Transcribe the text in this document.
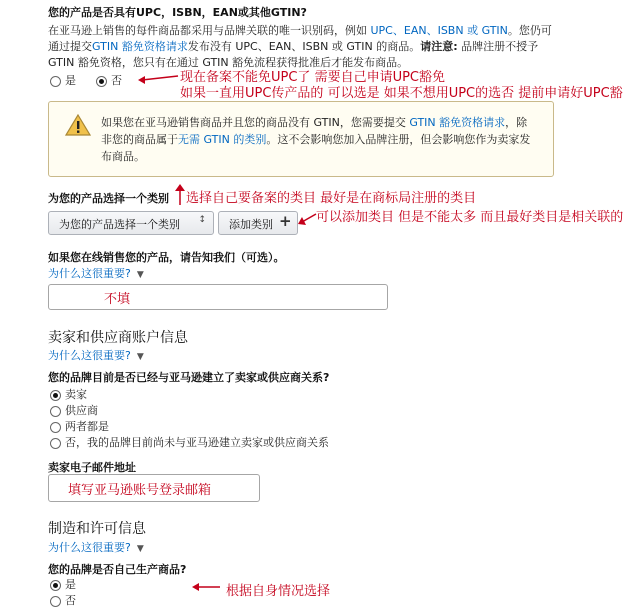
您的产品是否具有UPC，ISBN，EAN或其他GTIN?
在亚马逊上销售的每件商品都采用与品牌关联的唯一识别码，例如 UPC、EAN、ISBN 或 GTIN。您仍可
通过提交GTIN 豁免资格请求发布没有 UPC、EAN、ISBN 或 GTIN 的商品。请注意: 品牌注册不授予
GTIN 豁免资格，您只有在通过 GTIN 豁免流程获得批准后才能发布商品。
是	否	现在备案不能免UPC了 需要自己申请UPC豁免
如果一直用UPC传产品的 可以选是 如果不想用UPC的选否 提前申请好UPC豁
如果您在亚马逊销售商品并且您的商品没有 GTIN，您需要提交 GTIN 豁免资格请求，除
非您的商品属于无需 GTIN 的类别。这不会影响您加入品牌注册，但会影响您作为卖家发
布商品。
为您的产品选择一个类别 选择自己要备案的类目 最好是在商标局注册的类目
为您的产品选择一个类别 ↕ 添加类别 + 可以添加类目 但是不能太多 而且最好类目是相关联的
如果您在线销售您的产品，请告知我们（可选）。
为什么这很重要? ▼
不填
卖家和供应商账户信息
为什么这很重要? ▼
您的品牌目前是否已经与亚马逊建立了卖家或供应商关系?
卖家
供应商
两者都是
否，我的品牌目前尚未与亚马逊建立卖家或供应商关系
卖家电子邮件地址
填写亚马逊账号登录邮箱
制造和许可信息
为什么这很重要? ▼
您的品牌是否自己生产商品?
是
否
根据自身情况选择
